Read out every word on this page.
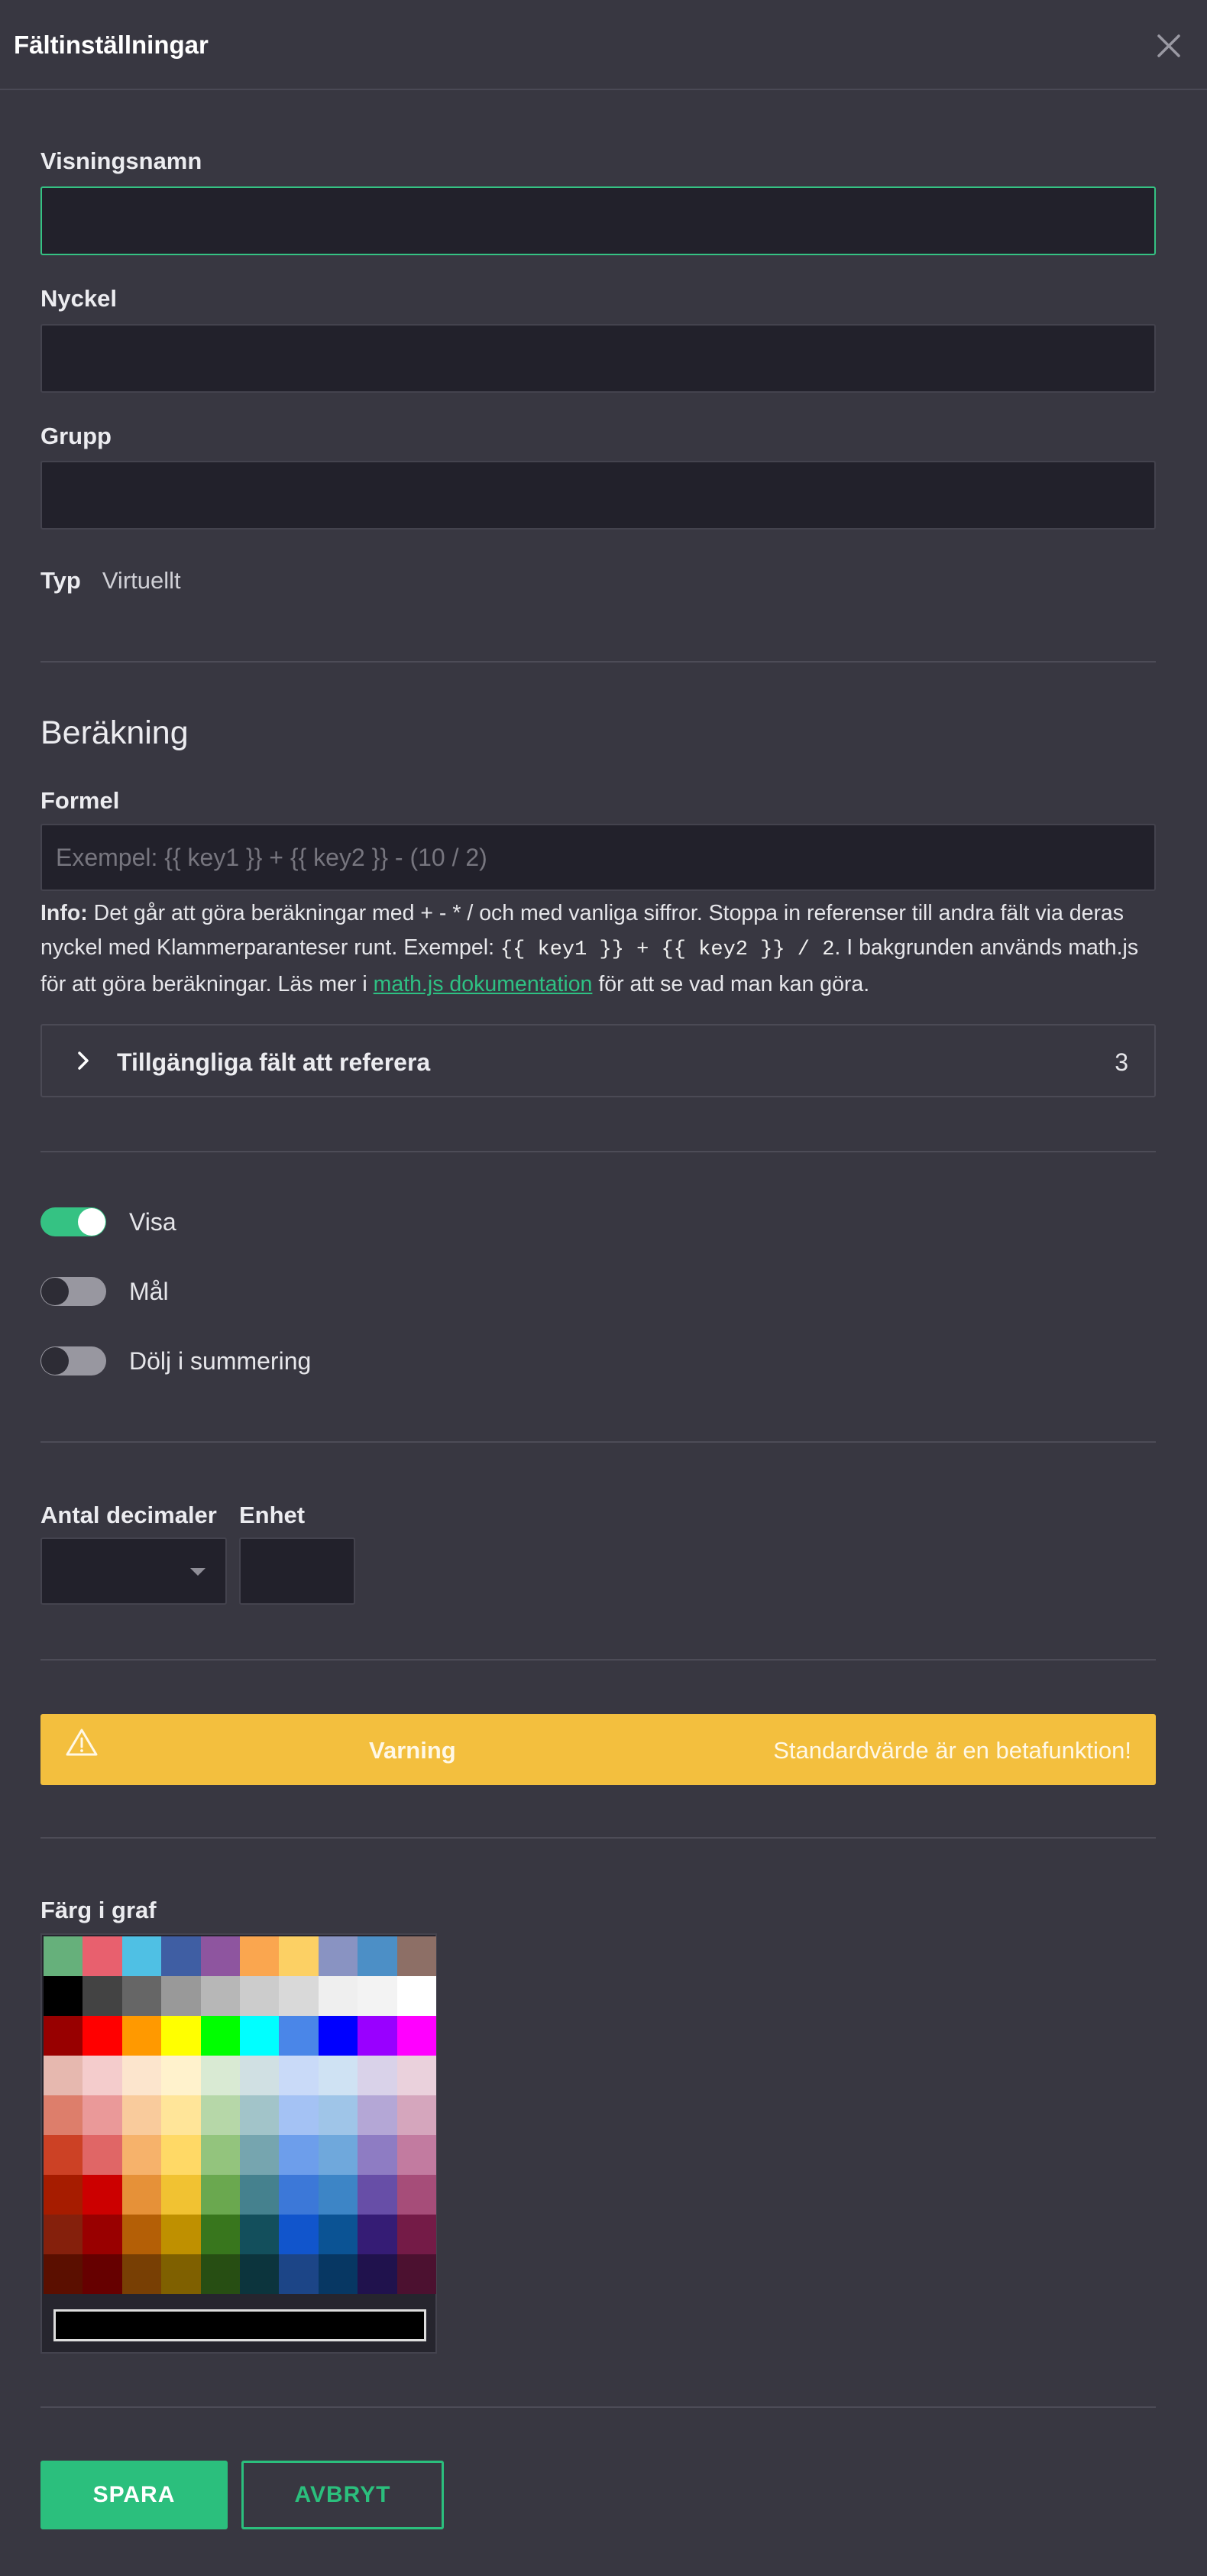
Fältinställningar
Visningsnamn
Nyckel
Grupp
Typ Virtuellt
Beräkning
Formel
Exempel: {{ key1 }} + {{ key2 }} - (10 / 2)
Info: Det går att göra beräkningar med + - * / och med vanliga siffror. Stoppa in referenser till andra fält via deras nyckel med Klammerparanteser runt. Exempel: {{ key1 }} + {{ key2 }} / 2. I bakgrunden används math.js för att göra beräkningar. Läs mer i math.js dokumentation för att se vad man kan göra.
Tillgängliga fält att referera	3
Visa
Mål
Dölj i summering
Antal decimaler Enhet
Varning	Standardvärde är en betafunktion!
Färg i graf
SPARA	AVBRYT
